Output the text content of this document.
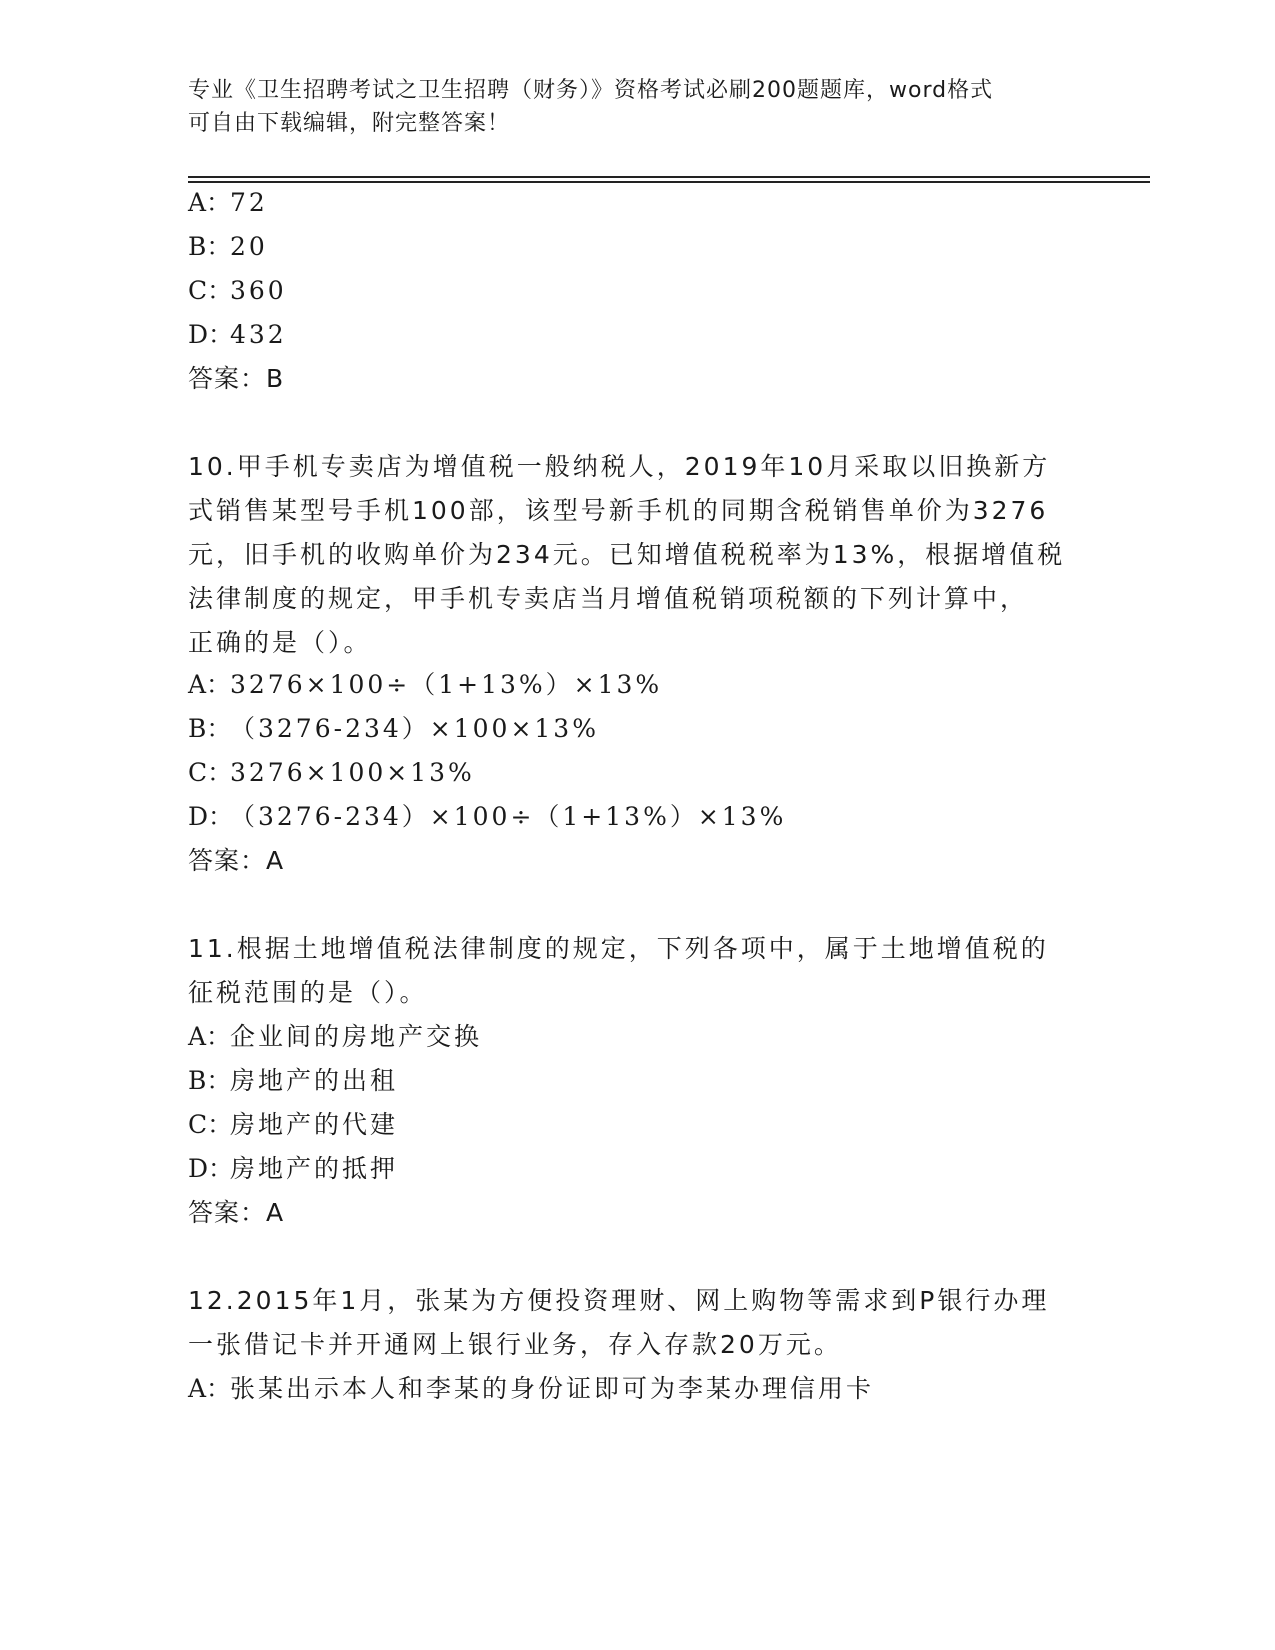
专业《卫生招聘考试之卫生招聘（财务）》资格考试必刷200题题库，word格式
可自由下载编辑，附完整答案！
A：72
B：20
C：360
D：432
答案：B
10.甲手机专卖店为增值税一般纳税人，2019年10月采取以旧换新方
式销售某型号手机100部，该型号新手机的同期含税销售单价为3276
元，旧手机的收购单价为234元。已知增值税税率为13%，根据增值税
法律制度的规定，甲手机专卖店当月增值税销项税额的下列计算中，
正确的是（）。
A：3276×100÷（1+13%）×13%
B：（3276-234）×100×13%
C：3276×100×13%
D：（3276-234）×100÷（1+13%）×13%
答案：A
11.根据土地增值税法律制度的规定，下列各项中，属于土地增值税的
征税范围的是（）。
A：企业间的房地产交换
B：房地产的出租
C：房地产的代建
D：房地产的抵押
答案：A
12.2015年1月，张某为方便投资理财、网上购物等需求到P银行办理
一张借记卡并开通网上银行业务，存入存款20万元。
A：张某出示本人和李某的身份证即可为李某办理信用卡
